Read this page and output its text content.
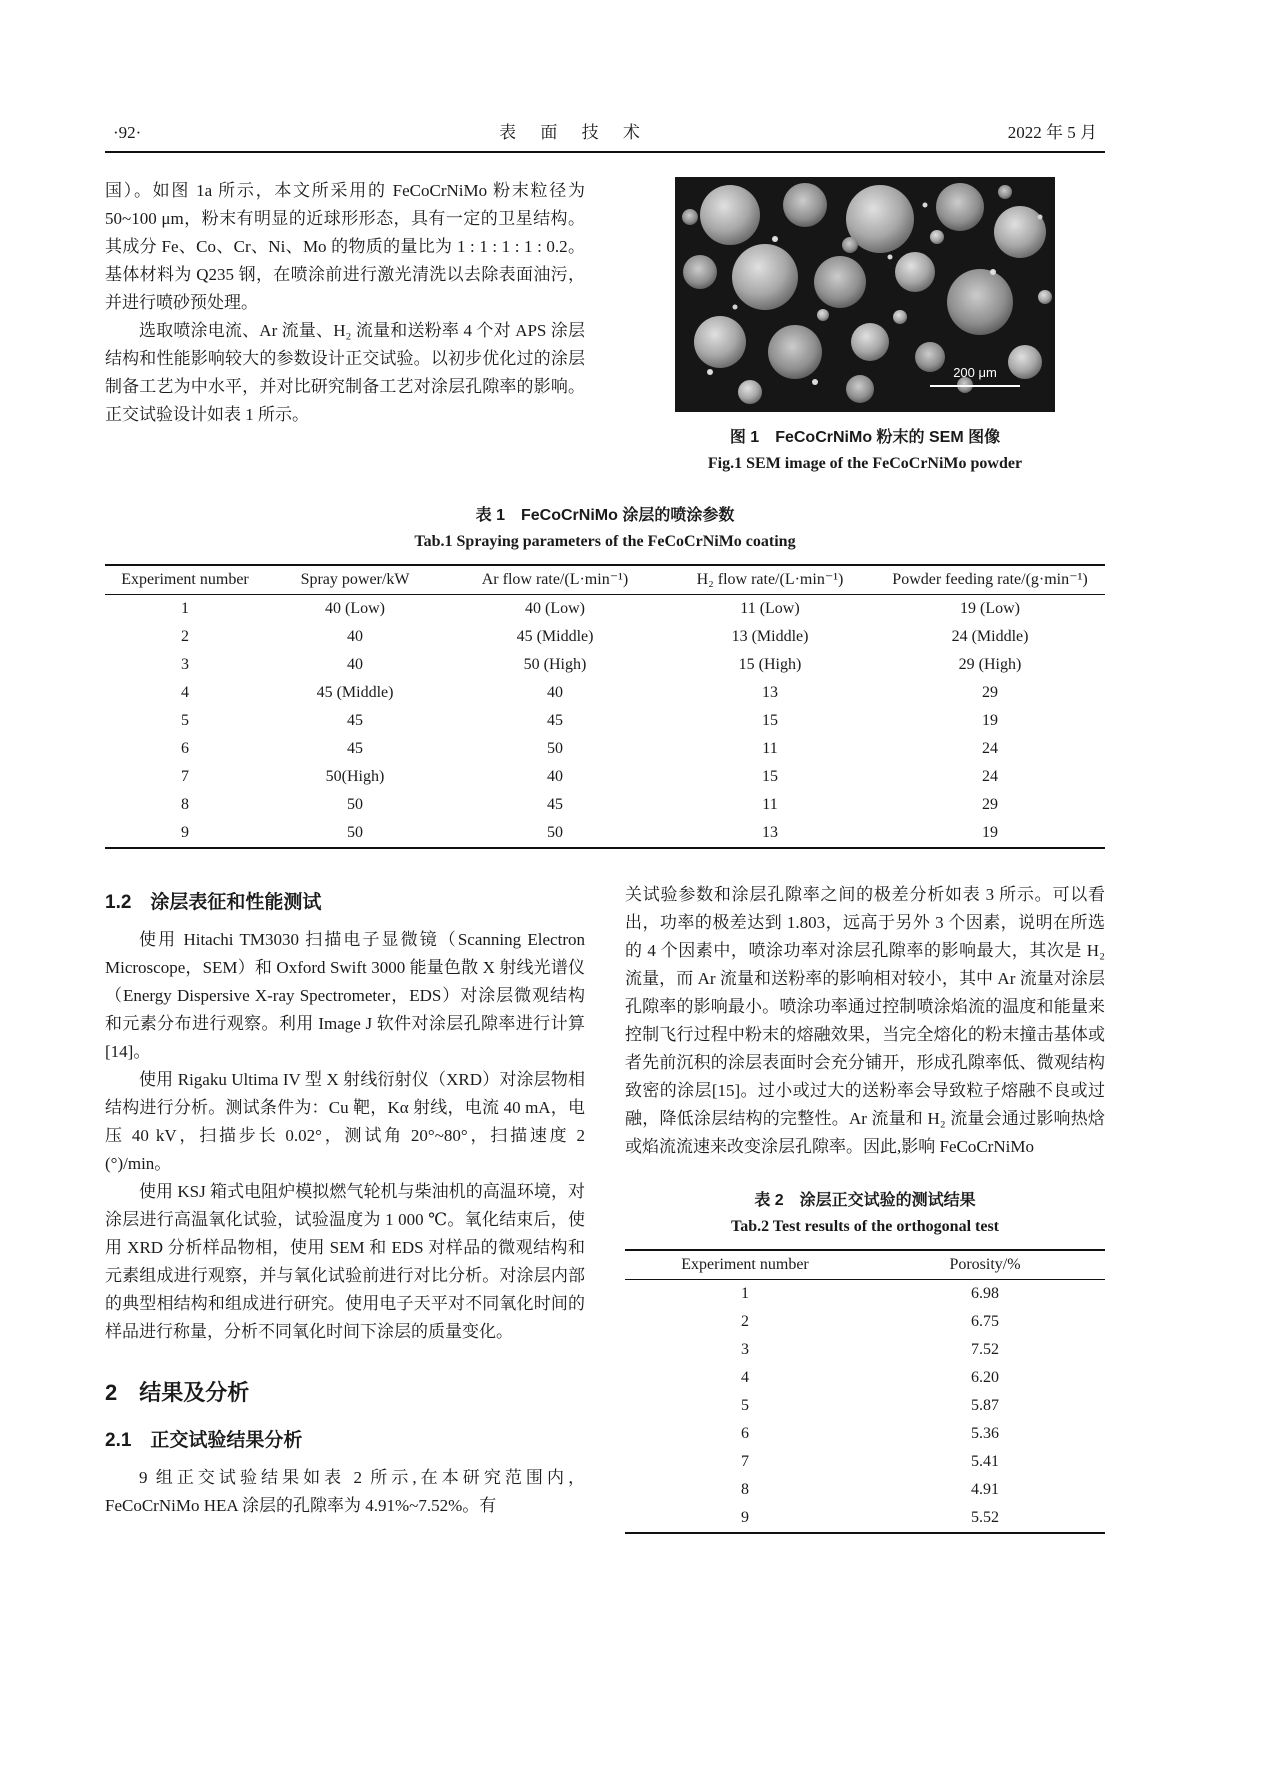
·92·	表 面 技 术	2022 年 5 月

国）。如图 1a 所示，本文所采用的 FeCoCrNiMo 粉末粒径为 50~100 μm，粉末有明显的近球形形态，具有一定的卫星结构。其成分 Fe、Co、Cr、Ni、Mo 的物质的量比为 1 : 1 : 1 : 1 : 0.2。基体材料为 Q235 钢，在喷涂前进行激光清洗以去除表面油污，并进行喷砂预处理。

选取喷涂电流、Ar 流量、H₂ 流量和送粉率 4 个对 APS 涂层结构和性能影响较大的参数设计正交试验。以初步优化过的涂层制备工艺为中水平，并对比研究制备工艺对涂层孔隙率的影响。正交试验设计如表 1 所示。

200 μm
图 1　FeCoCrNiMo 粉末的 SEM 图像
Fig.1 SEM image of the FeCoCrNiMo powder
表 1　FeCoCrNiMo 涂层的喷涂参数
Tab.1 Spraying parameters of the FeCoCrNiMo coating
Experiment number	Spray power/kW	Ar flow rate/(L·min⁻¹)	H₂ flow rate/(L·min⁻¹)	Powder feeding rate/(g·min⁻¹)
1	40 (Low)	40 (Low)	11 (Low)	19 (Low)
2	40	45 (Middle)	13 (Middle)	24 (Middle)
3	40	50 (High)	15 (High)	29 (High)
4	45 (Middle)	40	13	29
5	45	45	15	19
6	45	50	11	24
7	50(High)	40	15	24
8	50	45	11	29
9	50	50	13	19
1.2　涂层表征和性能测试

使用 Hitachi TM3030 扫描电子显微镜（Scanning Electron Microscope，SEM）和 Oxford Swift 3000 能量色散 X 射线光谱仪（Energy Dispersive X-ray Spectrometer，EDS）对涂层微观结构和元素分布进行观察。利用 Image J 软件对涂层孔隙率进行计算[14]。

使用 Rigaku Ultima IV 型 X 射线衍射仪（XRD）对涂层物相结构进行分析。测试条件为：Cu 靶，Kα 射线，电流 40 mA，电压 40 kV，扫描步长 0.02°，测试角 20°~80°，扫描速度 2 (°)/min。

使用 KSJ 箱式电阻炉模拟燃气轮机与柴油机的高温环境，对涂层进行高温氧化试验，试验温度为 1 000 ℃。氧化结束后，使用 XRD 分析样品物相，使用 SEM 和 EDS 对样品的微观结构和元素组成进行观察，并与氧化试验前进行对比分析。对涂层内部的典型相结构和组成进行研究。使用电子天平对不同氧化时间的样品进行称量，分析不同氧化时间下涂层的质量变化。

2　结果及分析
2.1　正交试验结果分析

9 组正交试验结果如表 2 所示,在本研究范围内，FeCoCrNiMo HEA 涂层的孔隙率为 4.91%~7.52%。有

关试验参数和涂层孔隙率之间的极差分析如表 3 所示。可以看出，功率的极差达到 1.803，远高于另外 3 个因素，说明在所选的 4 个因素中，喷涂功率对涂层孔隙率的影响最大，其次是 H₂ 流量，而 Ar 流量和送粉率的影响相对较小，其中 Ar 流量对涂层孔隙率的影响最小。喷涂功率通过控制喷涂焰流的温度和能量来控制飞行过程中粉末的熔融效果，当完全熔化的粉末撞击基体或者先前沉积的涂层表面时会充分铺开，形成孔隙率低、微观结构致密的涂层[15]。过小或过大的送粉率会导致粒子熔融不良或过融，降低涂层结构的完整性。Ar 流量和 H₂ 流量会通过影响热焓或焰流流速来改变涂层孔隙率。因此,影响 FeCoCrNiMo

表 2　涂层正交试验的测试结果
Tab.2 Test results of the orthogonal test
Experiment number	Porosity/%
1	6.98
2	6.75
3	7.52
4	6.20
5	5.87
6	5.36
7	5.41
8	4.91
9	5.52
